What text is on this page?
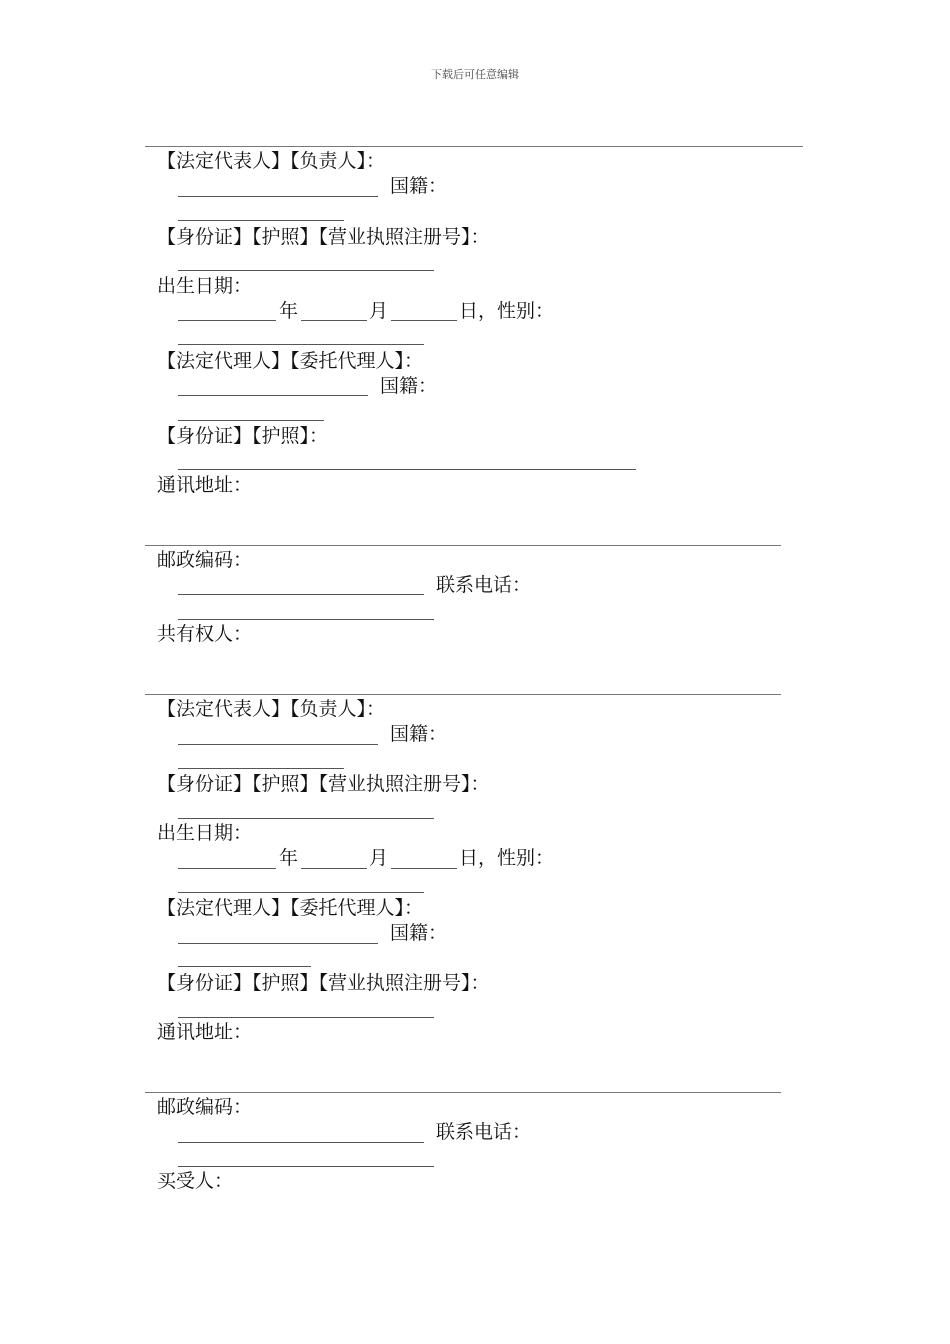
下载后可任意编辑
【法定代表人】【负责人】：
国籍：
【身份证】【护照】【营业执照注册号】：
出生日期：
年	月	日，性别：
【法定代理人】【委托代理人】：
国籍：
【身份证】【护照】：
通讯地址：
邮政编码：
联系电话：
共有权人：
【法定代表人】【负责人】：
国籍：
【身份证】【护照】【营业执照注册号】：
出生日期：
年	月	日，性别：
【法定代理人】【委托代理人】：
国籍：
【身份证】【护照】【营业执照注册号】：
通讯地址：
邮政编码：
联系电话：
买受人：
